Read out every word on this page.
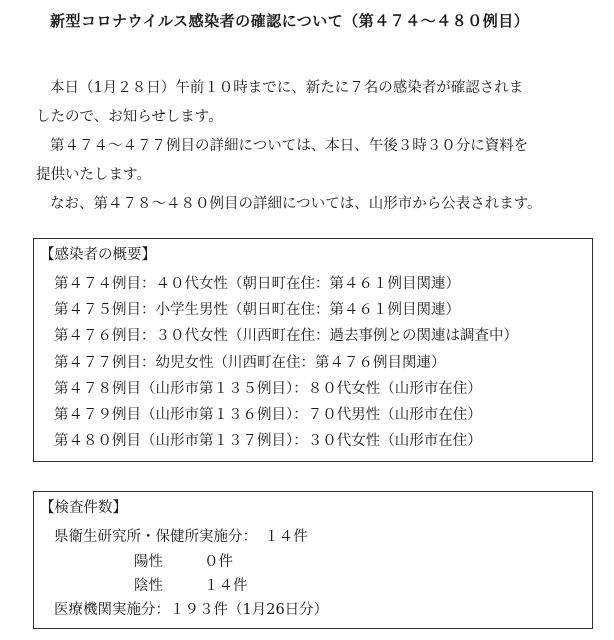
新型コロナウイルス感染者の確認について（第４７４～４８０例目）

本日（1月２８日）午前１０時までに、新たに７名の感染者が確認されま

したので、お知らせします。

第４７４～４７７例目の詳細については、本日、午後３時３０分に資料を

提供いたします。

なお、第４７８～４８０例目の詳細については、山形市から公表されます。

【感染者の概要】
第４７４例目：４０代女性（朝日町在住：第４６１例目関連）
第４７５例目：小学生男性（朝日町在住：第４６１例目関連）
第４７６例目：３０代女性（川西町在住：過去事例との関連は調査中）
第４７７例目：幼児女性（川西町在住：第４７６例目関連）
第４７８例目（山形市第１３５例目）：８０代女性（山形市在住）
第４７９例目（山形市第１３６例目）：７０代男性（山形市在住）
第４８０例目（山形市第１３７例目）：３０代女性（山形市在住）
【検査件数】
県衛生研究所・保健所実施分：　１４件
陽性	０件
陰性	１４件
医療機関実施分：１９３件（1月26日分）
